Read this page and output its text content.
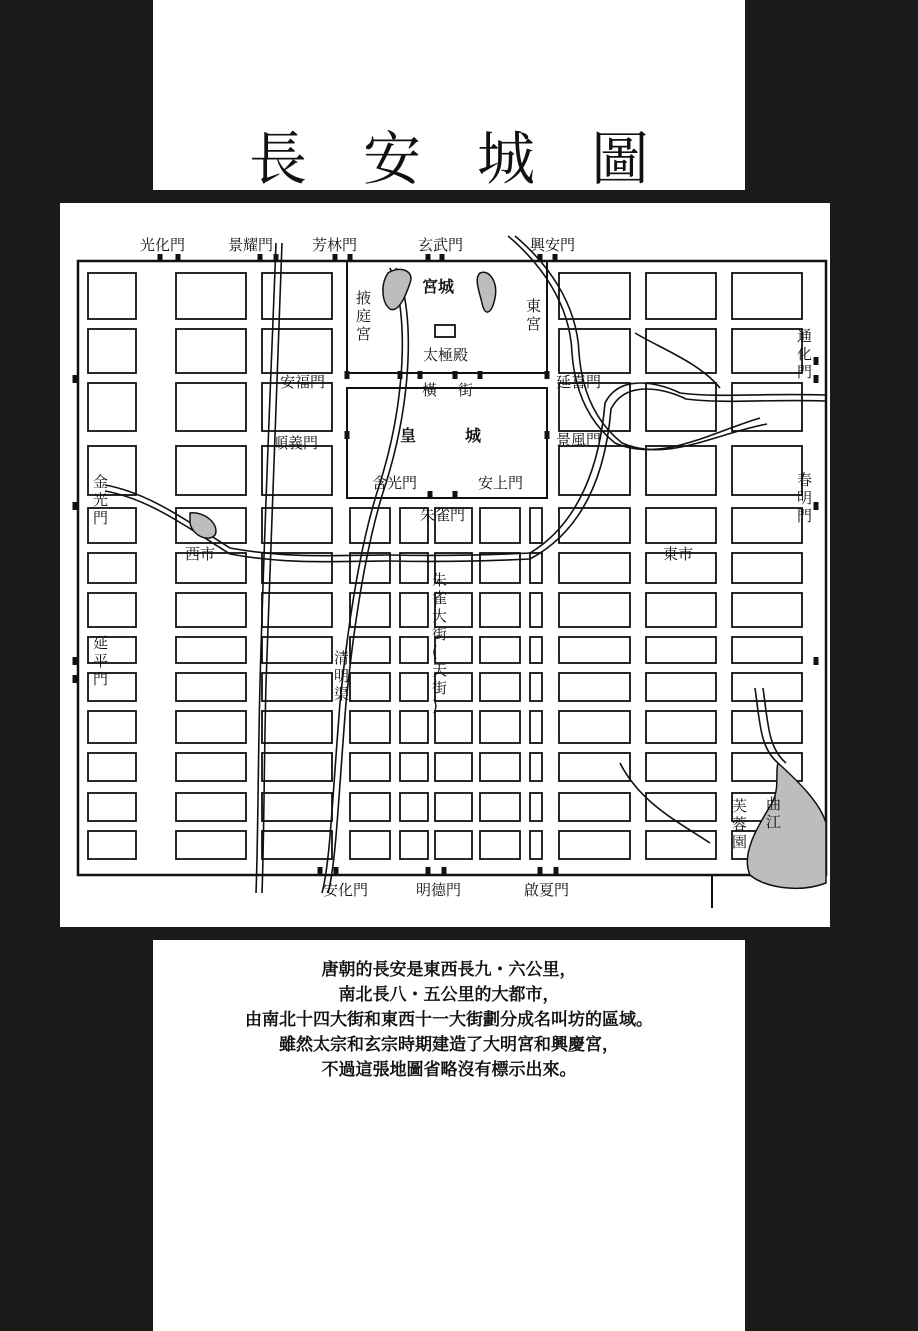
長安城圖
光化門	景耀門	芳林門	玄武門	興安門
安化門	明德門	啟夏門
金光門
延平門
通化門
春明門
安福門
順義門
延喜門
景風門
含光門	安上門
朱雀門
宮城
皇	城
掖庭宮
東宮
太極殿
橫 街
西市	東市
朱雀大街(天街)
清明渠
芙蓉園
曲江
唐朝的長安是東西長九・六公里，
南北長八・五公里的大都市，
由南北十四大街和東西十一大街劃分成名叫坊的區域。
雖然太宗和玄宗時期建造了大明宮和興慶宮，
不過這張地圖省略沒有標示出來。
